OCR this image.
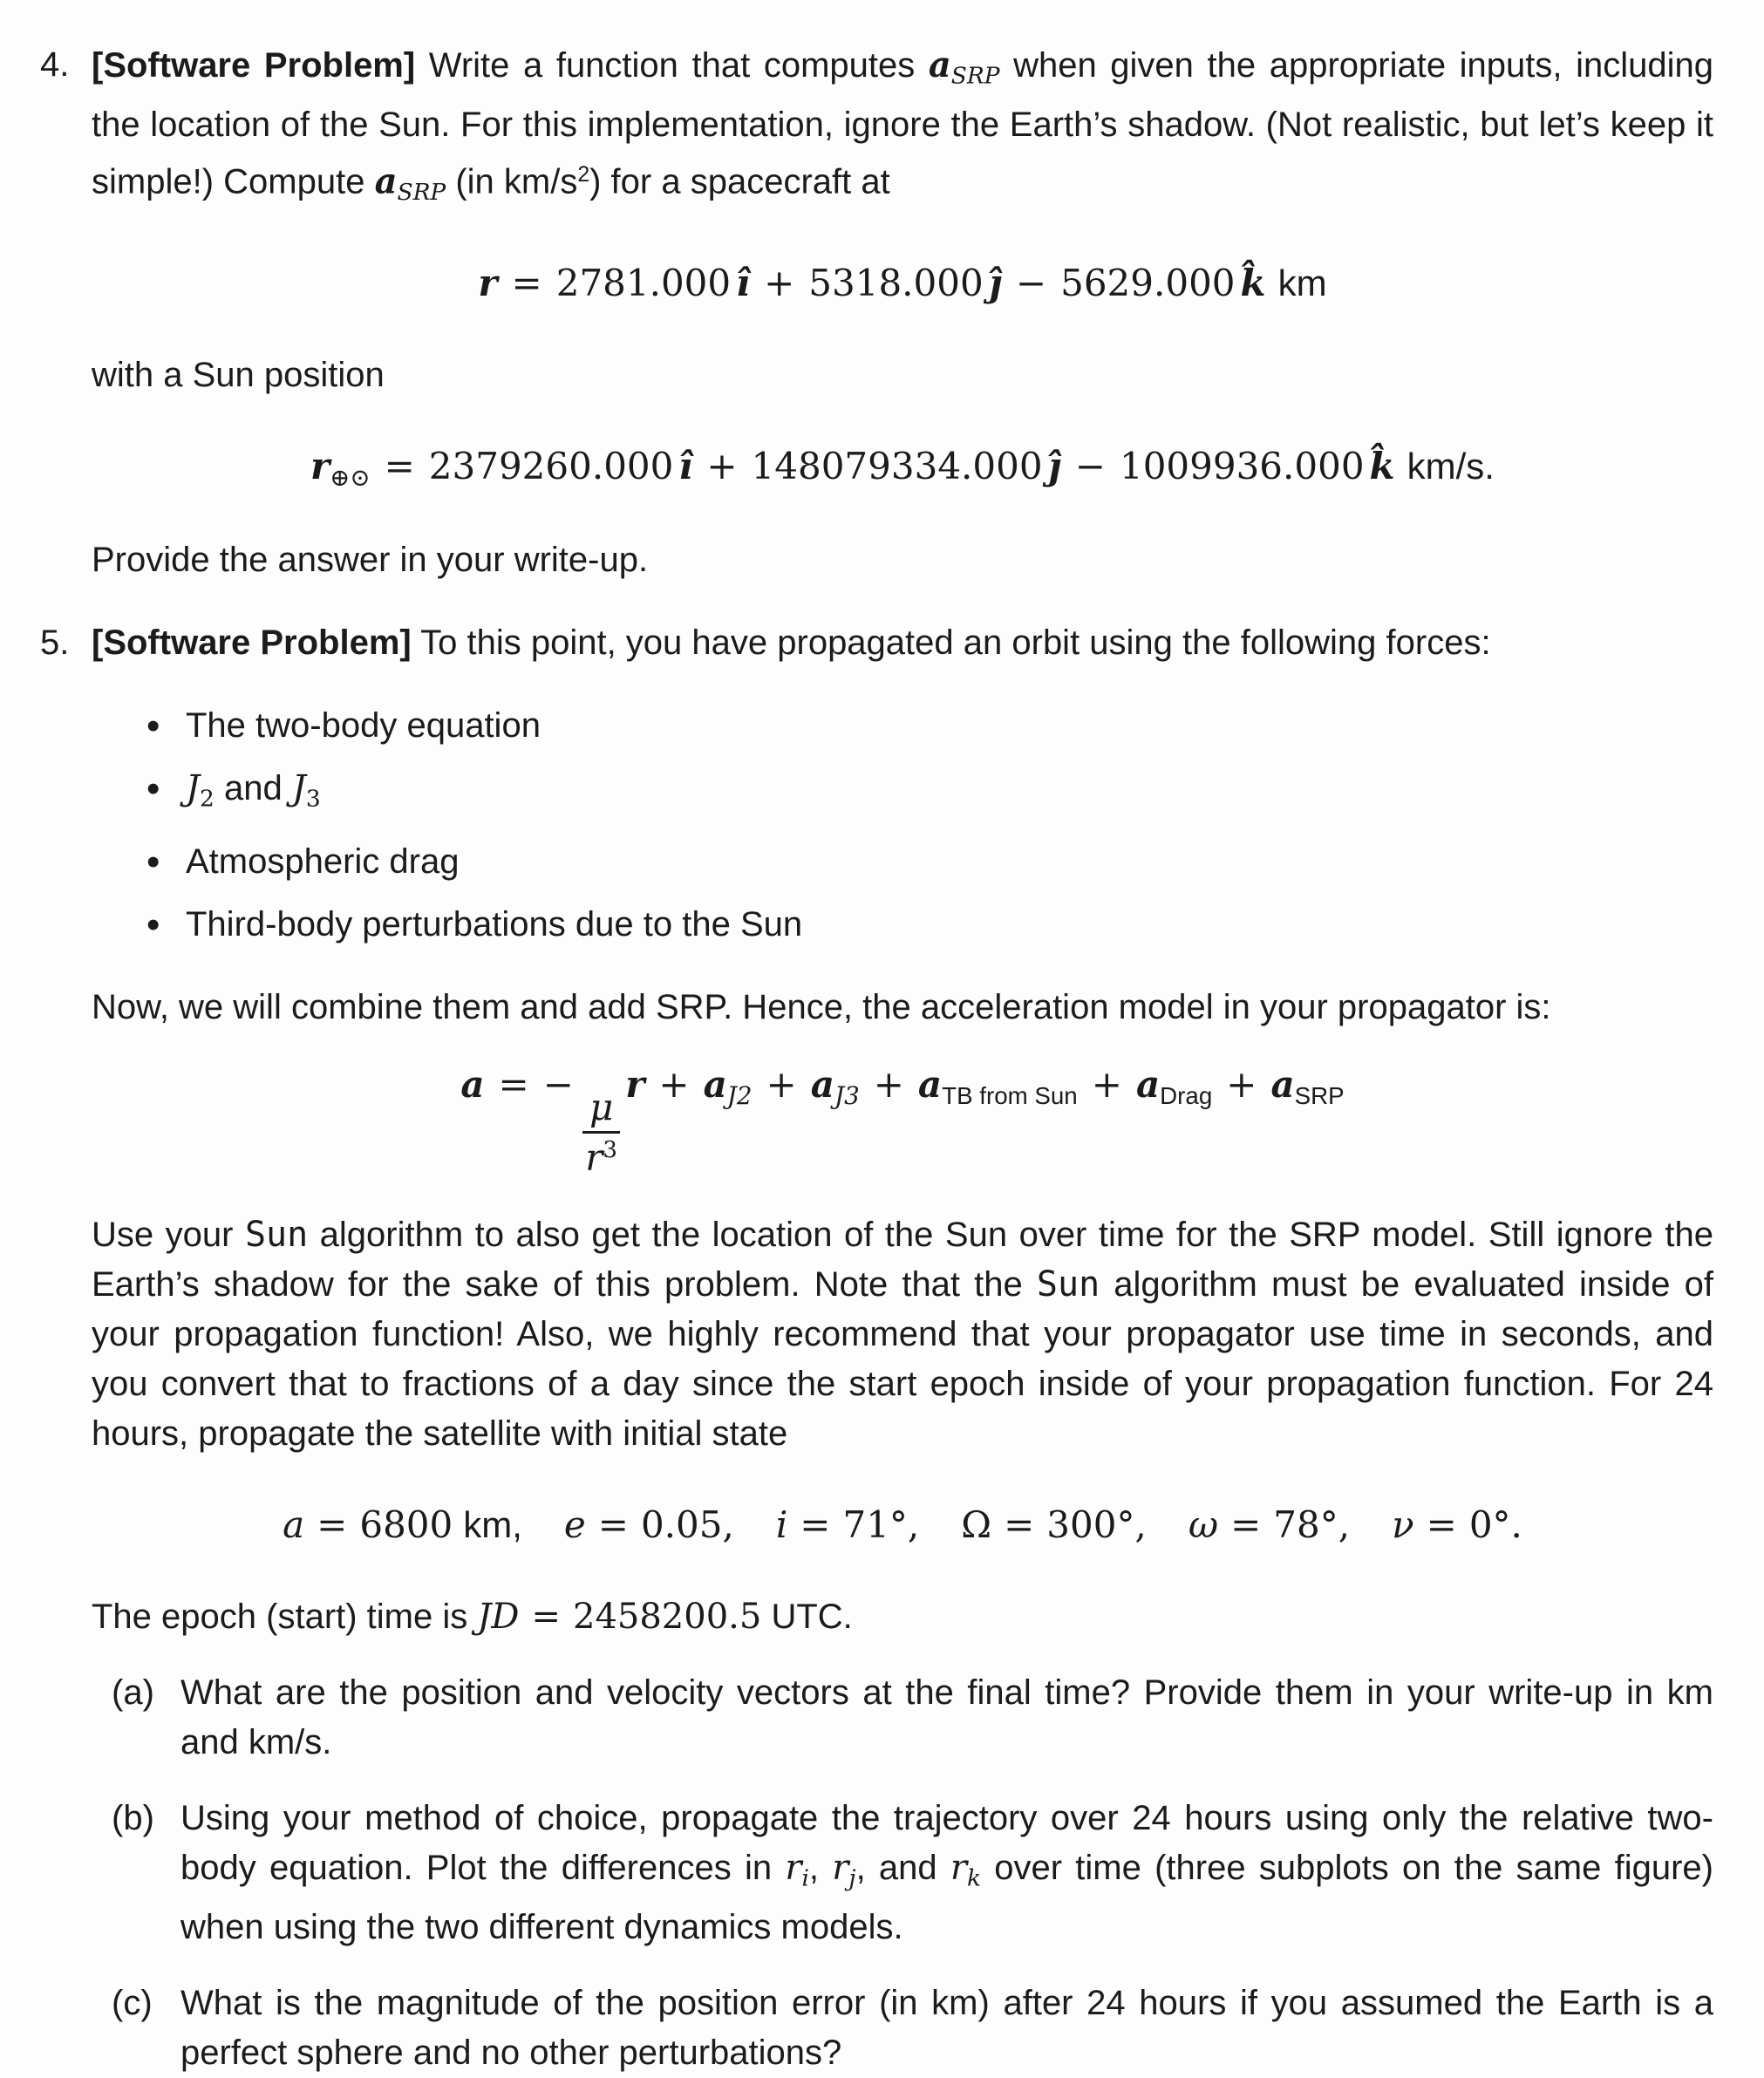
4. [Software Problem] Write a function that computes $a_{SRP}$ when given the appropriate inputs, including the location of the Sun. For this implementation, ignore the Earth’s shadow. (Not realistic, but let’s keep it simple!) Compute $a_{SRP}$ (in $km/s^2$) for a spacecraft at

r = 2781.000 ı̂ + 5318.000 ȷ̂ − 5629.000 k̂ km

with a Sun position

$r_{\oplus⊙} = 2379260.000$ ı̂ + 148079334.000 ȷ̂ − 1009936.000 k̂ km/s.

Provide the answer in your write-up.

5. [Software Problem] To this point, you have propagated an orbit using the following forces:

• The two-body equation
• $J_2$ and $J_3$
• Atmospheric drag
• Third-body perturbations due to the Sun

Now, we will combine them and add SRP. Hence, the acceleration model in your propagator is:

a = −
$\frac{\mu}{r^3}$
$r + a_{J2} + a_{J3} + a_{TB from Sun} + a_{Drag} + a_{SRP}$

Use your Sun algorithm to also get the location of the Sun over time for the SRP model. Still ignore the Earth’s shadow for the sake of this problem. Note that the Sun algorithm must be evaluated inside of your propagation function! Also, we highly recommend that your propagator use time in seconds, and you convert that to fractions of a day since the start epoch inside of your propagation function. For 24 hours, propagate the satellite with initial state

a = 6800 km, e = 0.05, i = 71°, Ω = 300°, ω = 78°, ν = 0°.

The epoch (start) time is JD = 2458200.5 UTC.

(a) What are the position and velocity vectors at the final time? Provide them in your write-up in km and km/s.
(b) Using your method of choice, propagate the trajectory over 24 hours using only the relative two-body equation. Plot the differences in $r_i$, $r_j$, and $r_k$ over time (three subplots on the same figure) when using the two different dynamics models.
(c) What is the magnitude of the position error (in km) after 24 hours if you assumed the Earth is a perfect sphere and no other perturbations?
